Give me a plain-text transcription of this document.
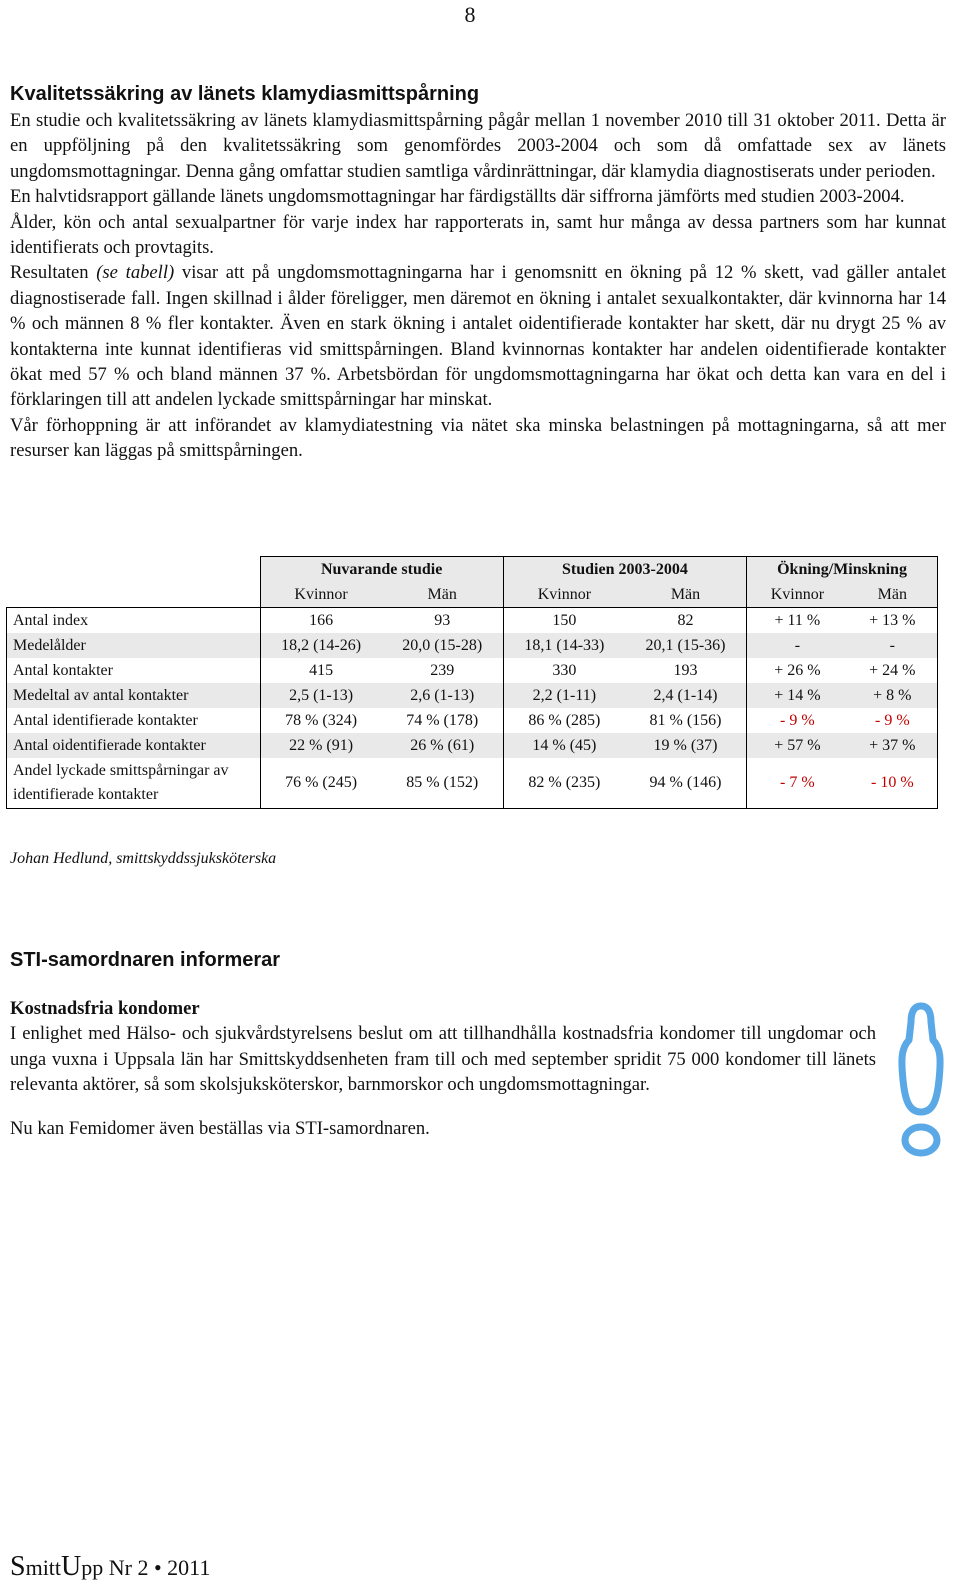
8
Kvalitetssäkring av länets klamydiasmittspårning

En studie och kvalitetssäkring av länets klamydiasmittspårning pågår mellan 1 november 2010 till 31 oktober 2011. Detta är en uppföljning på den kvalitetssäkring som genomfördes 2003-2004 och som då omfattade sex av länets ungdomsmottagningar. Denna gång omfattar studien samtliga vårdinrättningar, där klamydia diagnostiserats under perioden.

En halvtidsrapport gällande länets ungdomsmottagningar har färdigställts där siffrorna jämförts med studien 2003-2004.

Ålder, kön och antal sexualpartner för varje index har rapporterats in, samt hur många av dessa partners som har kunnat identifierats och provtagits.

Resultaten (se tabell) visar att på ungdomsmottagningarna har i genomsnitt en ökning på 12 % skett, vad gäller antalet diagnostiserade fall. Ingen skillnad i ålder föreligger, men däremot en ökning i antalet sexualkontakter, där kvinnorna har 14 % och männen 8 % fler kontakter. Även en stark ökning i antalet oidentifierade kontakter har skett, där nu drygt 25 % av kontakterna inte kunnat identifieras vid smittspårningen. Bland kvinnornas kontakter har andelen oidentifierade kontakter ökat med 57 % och bland männen 37 %. Arbetsbördan för ungdomsmottagningarna har ökat och detta kan vara en del i förklaringen till att andelen lyckade smittspårningar har minskat.

Vår förhoppning är att införandet av klamydiatestning via nätet ska minska belastningen på mottagningarna, så att mer resurser kan läggas på smittspårningen.

	Nuvarande studie		Studien 2003-2004		Ökning/Minskning	
	Kvinnor	Män	Kvinnor	Män	Kvinnor	Män
Antal index	166	93	150	82	+ 11 %	+ 13 %
Medelålder	18,2 (14-26)	20,0 (15-28)	18,1 (14-33)	20,1 (15-36)	-	-
Antal kontakter	415	239	330	193	+ 26 %	+ 24 %
Medeltal av antal kontakter	2,5 (1-13)	2,6 (1-13)	2,2 (1-11)	2,4 (1-14)	+ 14 %	+ 8 %
Antal identifierade kontakter	78 % (324)	74 % (178)	86 % (285)	81 % (156)	- 9 %	- 9 %
Antal oidentifierade kontakter	22 % (91)	26 % (61)	14 % (45)	19 % (37)	+ 57 %	+ 37 %
Andel lyckade smittspårningar av identifierade kontakter	76 % (245)	85 % (152)	82 % (235)	94 % (146)	- 7 %	- 10 %
Johan Hedlund, smittskyddssjuksköterska
STI-samordnaren informerar
Kostnadsfria kondomer

I enlighet med Hälso- och sjukvårdstyrelsens beslut om att tillhandhålla kostnadsfria kondomer till ungdomar och unga vuxna i Uppsala län har Smittskyddsenheten fram till och med september spridit 75 000 kondomer till länets relevanta aktörer, så som skolsjuksköterskor, barnmorskor och ungdomsmottagningar.

Nu kan Femidomer även beställas via STI-samordnaren.

SmittUpp Nr 2 • 2011
